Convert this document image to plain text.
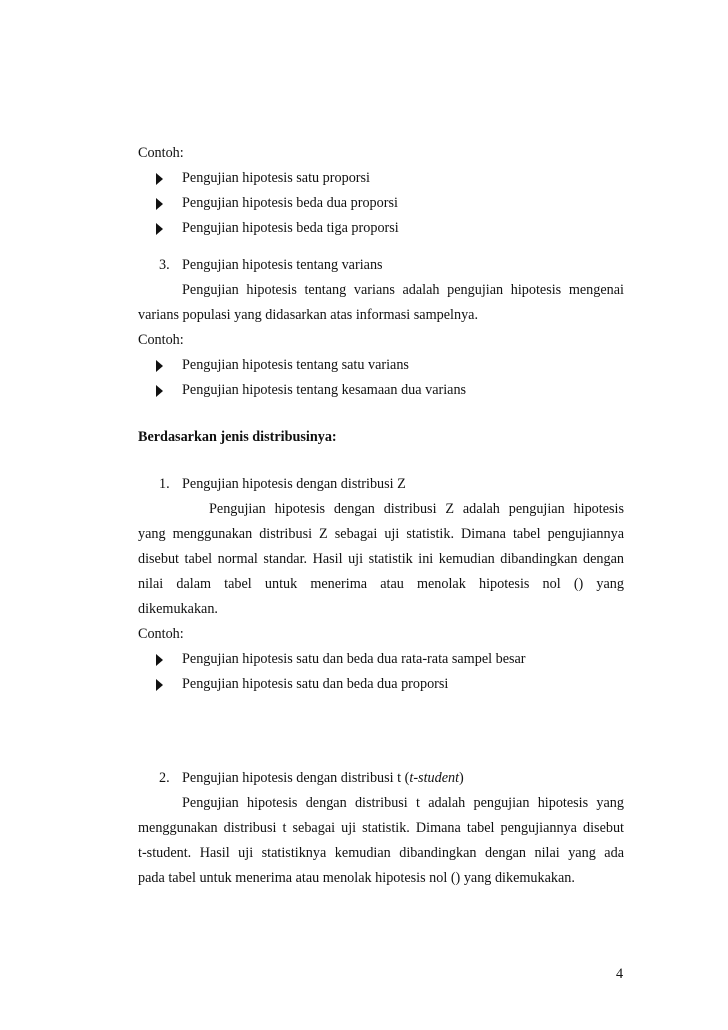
Contoh:
Pengujian hipotesis satu proporsi
Pengujian hipotesis beda dua proporsi
Pengujian hipotesis beda tiga proporsi
3. Pengujian hipotesis tentang varians
Pengujian hipotesis tentang varians adalah pengujian hipotesis mengenai
varians populasi yang didasarkan atas informasi sampelnya.
Contoh:
Pengujian hipotesis tentang satu varians
Pengujian hipotesis tentang kesamaan dua varians
Berdasarkan jenis distribusinya:
1. Pengujian hipotesis dengan distribusi Z
Pengujian hipotesis dengan distribusi Z adalah pengujian hipotesis
yang menggunakan distribusi Z sebagai uji statistik. Dimana tabel pengujiannya
disebut tabel normal standar. Hasil uji statistik ini kemudian dibandingkan dengan
nilai dalam tabel untuk menerima atau menolak hipotesis nol () yang
dikemukakan.
Contoh:
Pengujian hipotesis satu dan beda dua rata-rata sampel besar
Pengujian hipotesis satu dan beda dua proporsi
2. Pengujian hipotesis dengan distribusi t (t-student)
Pengujian hipotesis dengan distribusi t adalah pengujian hipotesis yang
menggunakan distribusi t sebagai uji statistik. Dimana tabel pengujiannya disebut
t-student. Hasil uji statistiknya kemudian dibandingkan dengan nilai yang ada
pada tabel untuk menerima atau menolak hipotesis nol () yang dikemukakan.
4
